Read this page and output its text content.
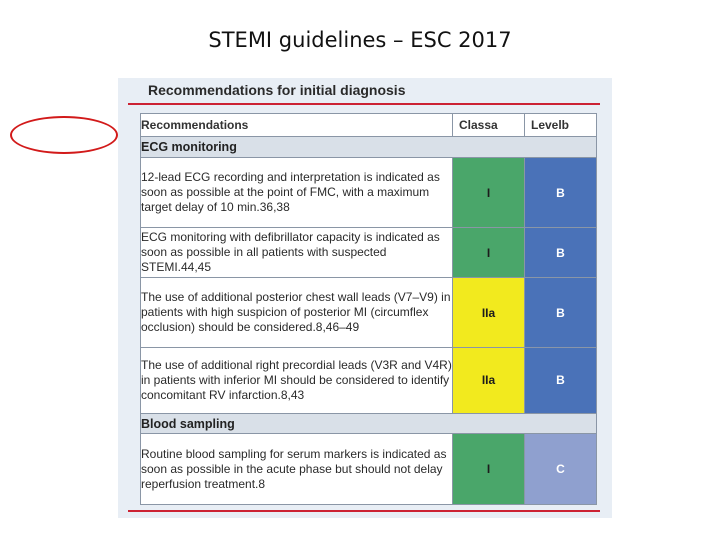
STEMI guidelines – ESC 2017
Recommendations for initial diagnosis
Recommendations	Classa	Levelb
ECG monitoring		
12-lead ECG recording and interpretation is indicated as soon as possible at the point of FMC, with a maximum target delay of 10 min.36,38	I	B
ECG monitoring with defibrillator capacity is indicated as soon as possible in all patients with suspected STEMI.44,45	I	B
The use of additional posterior chest wall leads (V7–V9) in patients with high suspicion of posterior MI (circumflex occlusion) should be considered.8,46–49	IIa	B
The use of additional right precordial leads (V3R and V4R) in patients with inferior MI should be considered to identify concomitant RV infarction.8,43	IIa	B
Blood sampling		
Routine blood sampling for serum markers is indicated as soon as possible in the acute phase but should not delay reperfusion treatment.8	I	C
